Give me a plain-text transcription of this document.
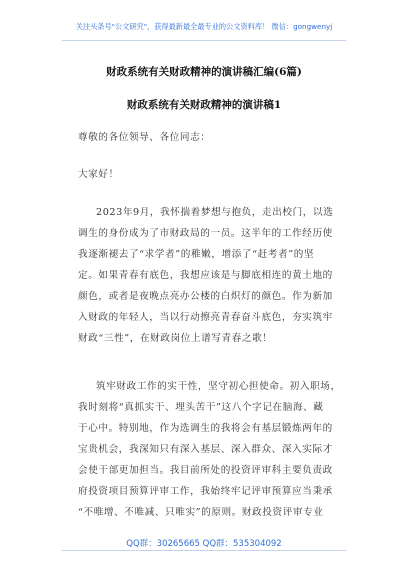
关注头条号"公文研究"，获得最新最全最专业的公文资料库！ 微信：gongwenyj
财政系统有关财政精神的演讲稿汇编(6篇)
财政系统有关财政精神的演讲稿1
尊敬的各位领导、各位同志：
大家好！
2023年9月，我怀揣着梦想与抱负，走出校门，以选
调生的身份成为了市财政局的一员。这半年的工作经历使
我逐渐褪去了“求学者”的稚嫩，增添了“赶考者”的坚
定。如果青春有底色，我想应该是与脚底相连的黄土地的
颜色，或者是夜晚点亮办公楼的白炽灯的颜色。作为新加
入财政的年轻人，当以行动擦亮青春奋斗底色，夯实筑牢
财政“三性”，在财政岗位上谱写青春之歌！
筑牢财政工作的实干性，坚守初心担使命。初入职场，
我时刻将“真抓实干、埋头苦干”这八个字记在脑海、藏
于心中。特别地，作为选调生的我将会有基层锻炼两年的
宝贵机会，我深知只有深入基层、深入群众、深入实际才
会使干部更加担当。我目前所处的投资评审科主要负责政
府投资项目预算评审工作，我始终牢记评审预算应当秉承
“不唯增、不唯减、只唯实”的原则。财政投资评审专业
QQ群：30265665 QQ群：535304092
